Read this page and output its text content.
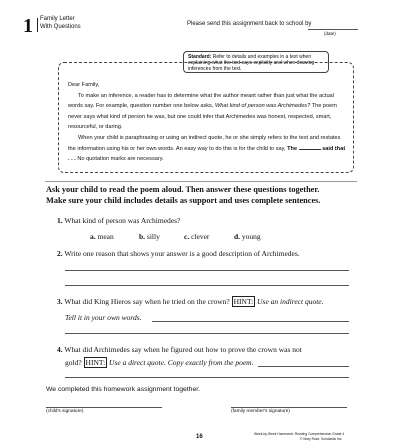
1 Family Letter
With Questions	Please send this assignment back to school by
(date)
Standard: Refer to details and examples in a text when explaining what the text says explicitly and when drawing inferences from the text.
Dear Family,
To make an inference, a reader has to determine what the author meant rather than just what the actual words say. For example, question number one below asks, What kind of person was Archimedes? The poem never says what kind of person he was, but one could infer that Archimedes was honest, respected, smart, resourceful, or daring.
When your child is paraphrasing or using an indirect quote, he or she simply refers to the text and restates the information using his or her own words. An easy way to do this is for the child to say, The	said that . . . No quotation marks are necessary.
Ask your child to read the poem aloud. Then answer these questions together.
Make sure your child includes details as support and uses complete sentences.
1. What kind of person was Archimedes?
a. mean	b. silly	c. clever	d. young
2. Write one reason that shows your answer is a good description of Archimedes.
3. What did King Hieros say when he tried on the crown? HINT: Use an indirect quote.
Tell it in your own words.
4. What did Archimedes say when he figured out how to prove the crown was not
gold? HINT: Use a direct quote. Copy exactly from the poem.
We completed this homework assignment together.
(child's signature)	(family member's signature)
16	Week-by-Week Homework: Reading Comprehension Grade 4
© Mary Rose, Scholastic Inc.
